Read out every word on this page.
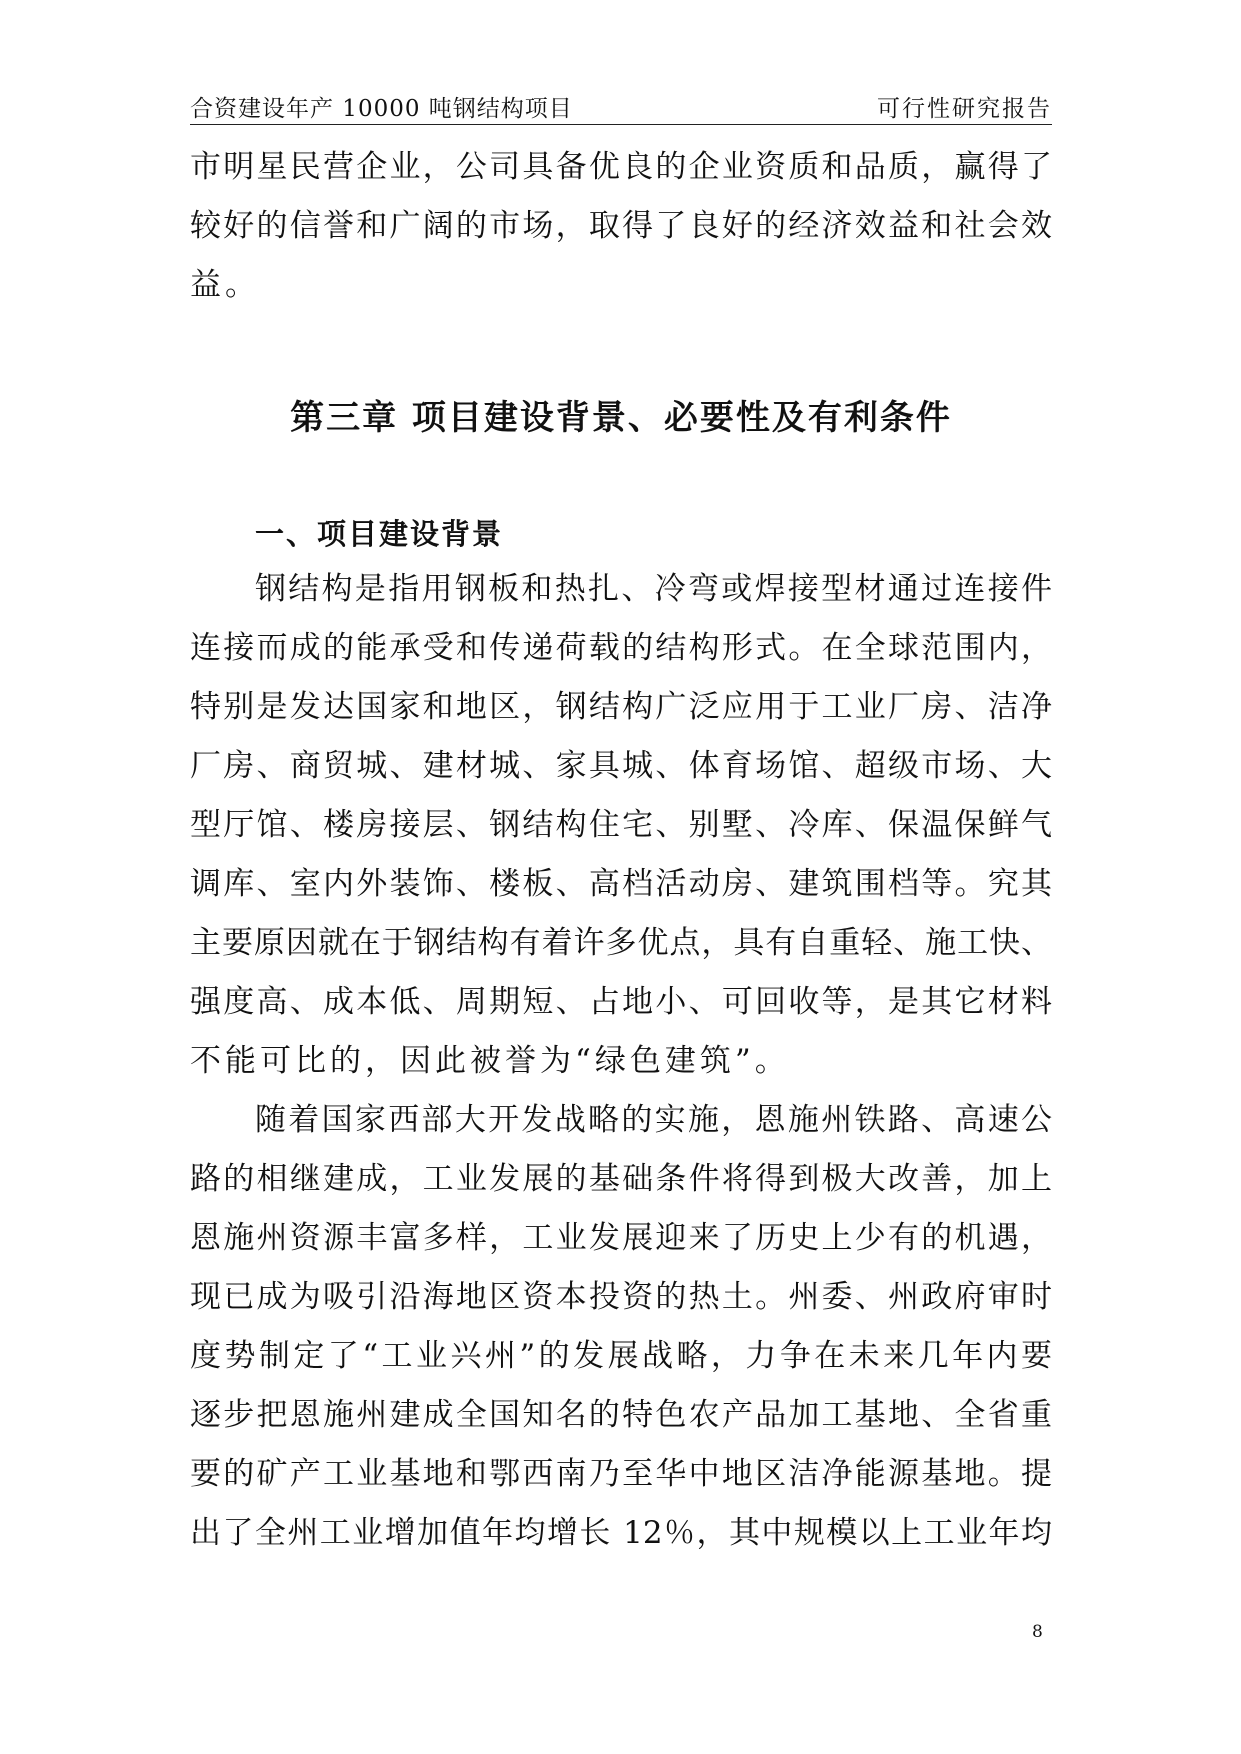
合资建设年产 10000 吨钢结构项目	可行性研究报告
市明星民营企业，公司具备优良的企业资质和品质，赢得了
较好的信誉和广阔的市场，取得了良好的经济效益和社会效
益。
第三章 项目建设背景、必要性及有利条件
一、项目建设背景
钢结构是指用钢板和热扎、冷弯或焊接型材通过连接件
连接而成的能承受和传递荷载的结构形式。在全球范围内，
特别是发达国家和地区，钢结构广泛应用于工业厂房、洁净
厂房、商贸城、建材城、家具城、体育场馆、超级市场、大
型厅馆、楼房接层、钢结构住宅、别墅、冷库、保温保鲜气
调库、室内外装饰、楼板、高档活动房、建筑围档等。究其
主要原因就在于钢结构有着许多优点，具有自重轻、施工快、
强度高、成本低、周期短、占地小、可回收等，是其它材料
不能可比的，因此被誉为“绿色建筑”。
随着国家西部大开发战略的实施，恩施州铁路、高速公
路的相继建成，工业发展的基础条件将得到极大改善，加上
恩施州资源丰富多样，工业发展迎来了历史上少有的机遇，
现已成为吸引沿海地区资本投资的热土。州委、州政府审时
度势制定了“工业兴州”的发展战略，力争在未来几年内要
逐步把恩施州建成全国知名的特色农产品加工基地、全省重
要的矿产工业基地和鄂西南乃至华中地区洁净能源基地。提
出了全州工业增加值年均增长 12％，其中规模以上工业年均
8
